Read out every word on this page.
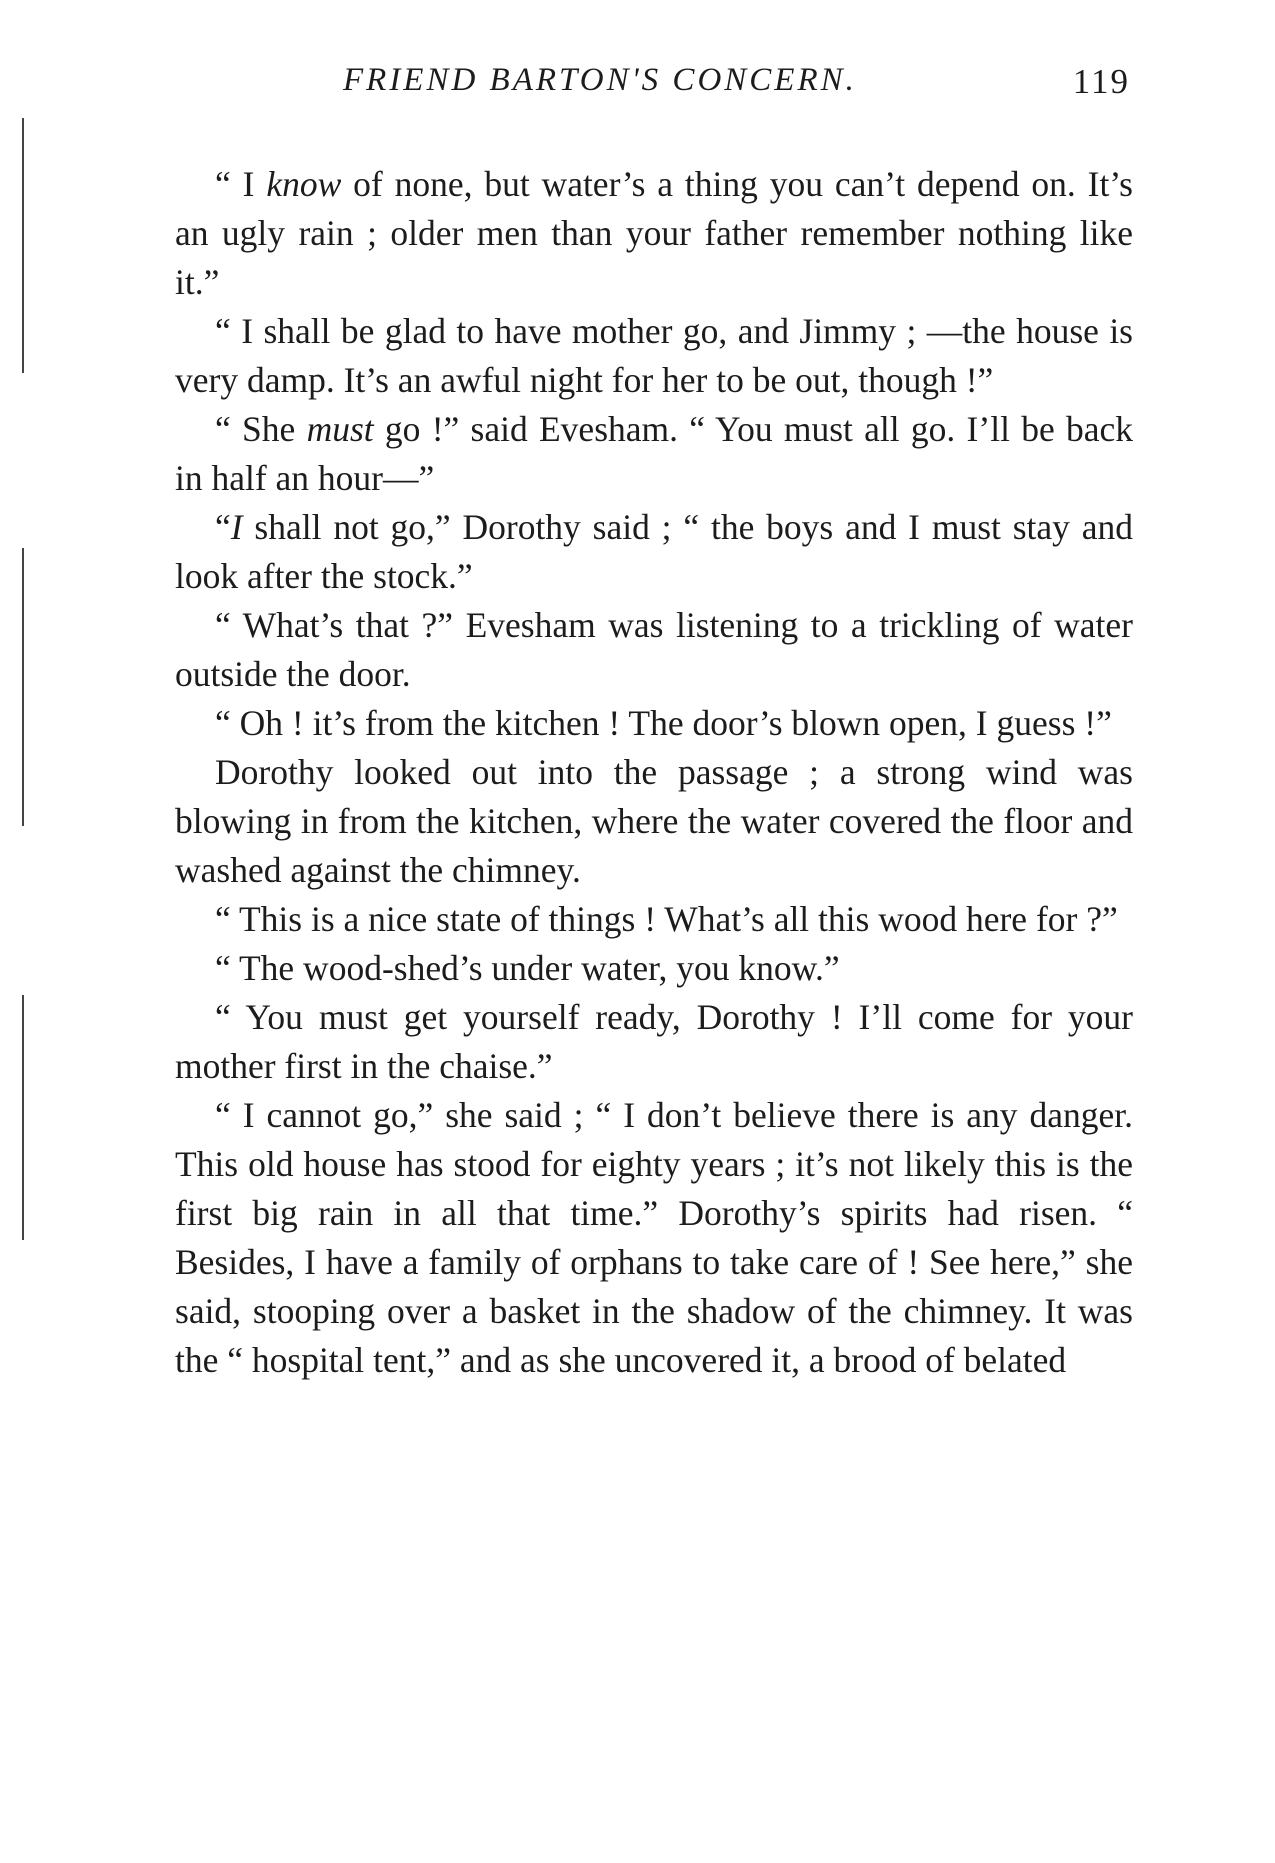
FRIEND BARTON'S CONCERN.	119

“ I know of none, but water’s a thing you can’t depend on. It’s an ugly rain ; older men than your father remember nothing like it.”

“ I shall be glad to have mother go, and Jimmy ; —the house is very damp. It’s an awful night for her to be out, though !”

“ She must go !” said Evesham. “ You must all go. I’ll be back in half an hour—”

“I shall not go,” Dorothy said ; “ the boys and I must stay and look after the stock.”

“ What’s that ?” Evesham was listening to a trickling of water outside the door.

“ Oh ! it’s from the kitchen ! The door’s blown open, I guess !”

Dorothy looked out into the passage ; a strong wind was blowing in from the kitchen, where the water covered the floor and washed against the chimney.

“ This is a nice state of things ! What’s all this wood here for ?”

“ The wood-shed’s under water, you know.”

“ You must get yourself ready, Dorothy ! I’ll come for your mother first in the chaise.”

“ I cannot go,” she said ; “ I don’t believe there is any danger. This old house has stood for eighty years ; it’s not likely this is the first big rain in all that time.” Dorothy’s spirits had risen. “ Besides, I have a family of orphans to take care of ! See here,” she said, stooping over a basket in the shadow of the chimney. It was the “ hospital tent,” and as she uncovered it, a brood of belated
